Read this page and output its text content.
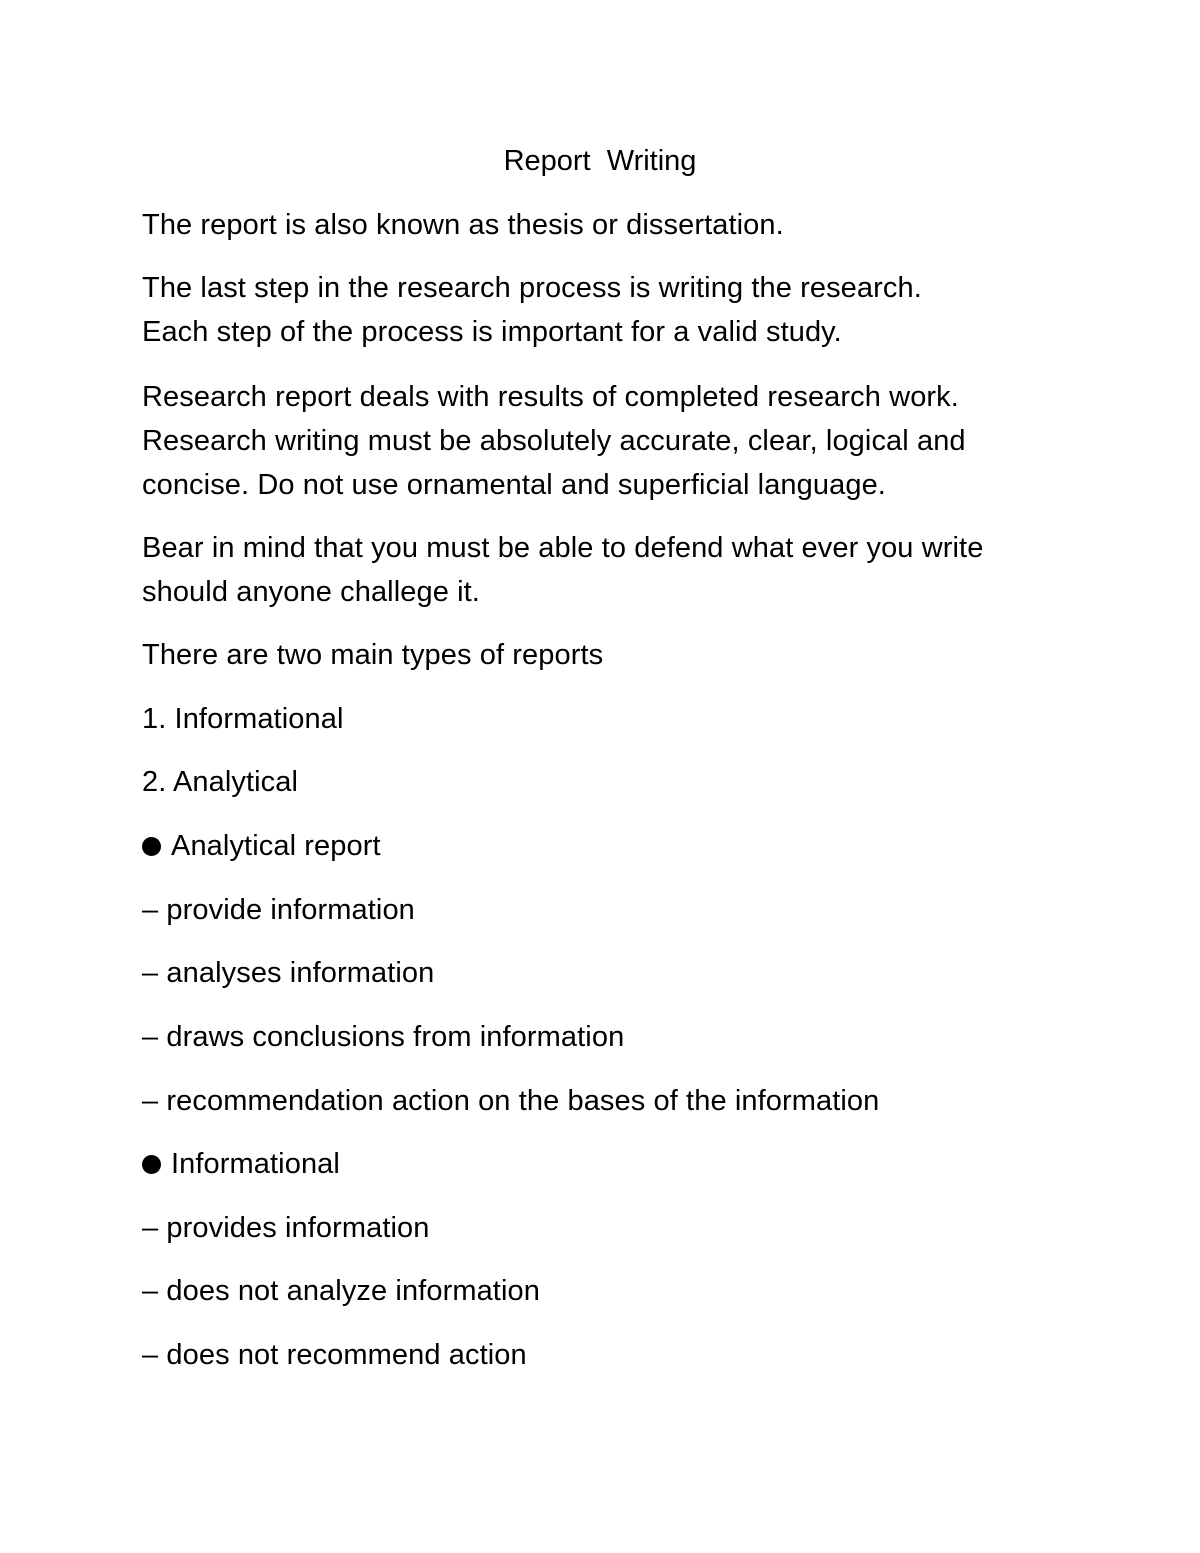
Report  Writing
The report is also known as thesis or dissertation.
The last step in the research process is writing the research.
Each step of the process is important for a valid study.
Research report deals with results of completed research work.
Research writing must be absolutely accurate, clear, logical and
concise. Do not use ornamental and superficial language.
Bear in mind that you must be able to defend what ever you write
should anyone challege it.
There are two main types of reports
1. Informational
2. Analytical
Analytical report
– provide information
– analyses information
– draws conclusions from information
– recommendation action on the bases of the information
Informational
– provides information
– does not analyze information
– does not recommend action
